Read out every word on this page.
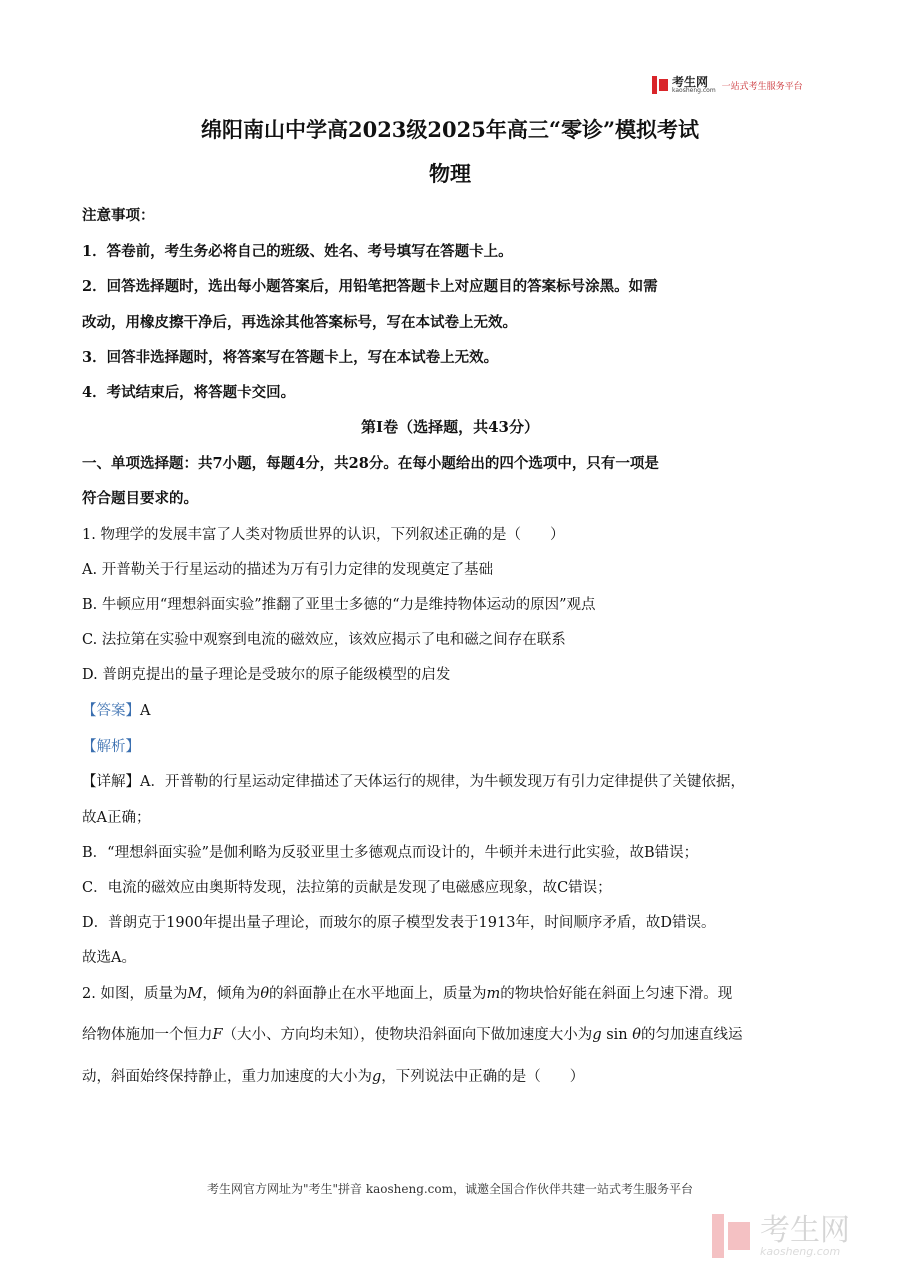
考生网
kaosheng.com 一站式考生服务平台
绵阳南山中学高2023级2025年高三“零诊”模拟考试
物理
注意事项：
1．答卷前，考生务必将自己的班级、姓名、考号填写在答题卡上。
2．回答选择题时，选出每小题答案后，用铅笔把答题卡上对应题目的答案标号涂黑。如需
改动，用橡皮擦干净后，再选涂其他答案标号，写在本试卷上无效。
3．回答非选择题时，将答案写在答题卡上，写在本试卷上无效。
4．考试结束后，将答题卡交回。
第I卷（选择题，共43分）
一、单项选择题：共7小题，每题4分，共28分。在每小题给出的四个选项中，只有一项是
符合题目要求的。
1. 物理学的发展丰富了人类对物质世界的认识，下列叙述正确的是（　　）
A. 开普勒关于行星运动的描述为万有引力定律的发现奠定了基础
B. 牛顿应用“理想斜面实验”推翻了亚里士多德的“力是维持物体运动的原因”观点
C. 法拉第在实验中观察到电流的磁效应，该效应揭示了电和磁之间存在联系
D. 普朗克提出的量子理论是受玻尔的原子能级模型的启发
【答案】A
【解析】
【详解】A．开普勒的行星运动定律描述了天体运行的规律，为牛顿发现万有引力定律提供了关键依据，
故A正确；
B．“理想斜面实验”是伽利略为反驳亚里士多德观点而设计的，牛顿并未进行此实验，故B错误；
C．电流的磁效应由奥斯特发现，法拉第的贡献是发现了电磁感应现象，故C错误；
D．普朗克于1900年提出量子理论，而玻尔的原子模型发表于1913年，时间顺序矛盾，故D错误。
故选A。
2. 如图，质量为M，倾角为θ的斜面静止在水平地面上，质量为m的物块恰好能在斜面上匀速下滑。现
给物体施加一个恒力F（大小、方向均未知），使物块沿斜面向下做加速度大小为g sin θ的匀加速直线运
动，斜面始终保持静止，重力加速度的大小为g，下列说法中正确的是（　　）
考生网官方网址为"考生"拼音 kaosheng.com，诚邀全国合作伙伴共建一站式考生服务平台
考生网
kaosheng.com
